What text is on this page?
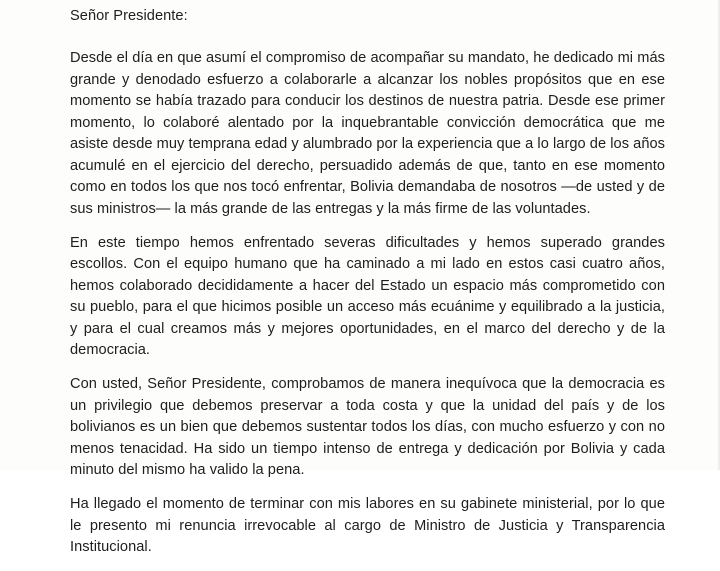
Señor Presidente:

Desde el día en que asumí el compromiso de acompañar su mandato, he dedicado mi más grande y denodado esfuerzo a colaborarle a alcanzar los nobles propósitos que en ese momento se había trazado para conducir los destinos de nuestra patria. Desde ese primer momento, lo colaboré alentado por la inquebrantable convicción democrática que me asiste desde muy temprana edad y alumbrado por la experiencia que a lo largo de los años acumulé en el ejercicio del derecho, persuadido además de que, tanto en ese momento como en todos los que nos tocó enfrentar, Bolivia demandaba de nosotros —de usted y de sus ministros— la más grande de las entregas y la más firme de las voluntades.

En este tiempo hemos enfrentado severas dificultades y hemos superado grandes escollos. Con el equipo humano que ha caminado a mi lado en estos casi cuatro años, hemos colaborado decididamente a hacer del Estado un espacio más comprometido con su pueblo, para el que hicimos posible un acceso más ecuánime y equilibrado a la justicia, y para el cual creamos más y mejores oportunidades, en el marco del derecho y de la democracia.

Con usted, Señor Presidente, comprobamos de manera inequívoca que la democracia es un privilegio que debemos preservar a toda costa y que la unidad del país y de los bolivianos es un bien que debemos sustentar todos los días, con mucho esfuerzo y con no menos tenacidad. Ha sido un tiempo intenso de entrega y dedicación por Bolivia y cada minuto del mismo ha valido la pena.

Ha llegado el momento de terminar con mis labores en su gabinete ministerial, por lo que le presento mi renuncia irrevocable al cargo de Ministro de Justicia y Transparencia Institucional.
